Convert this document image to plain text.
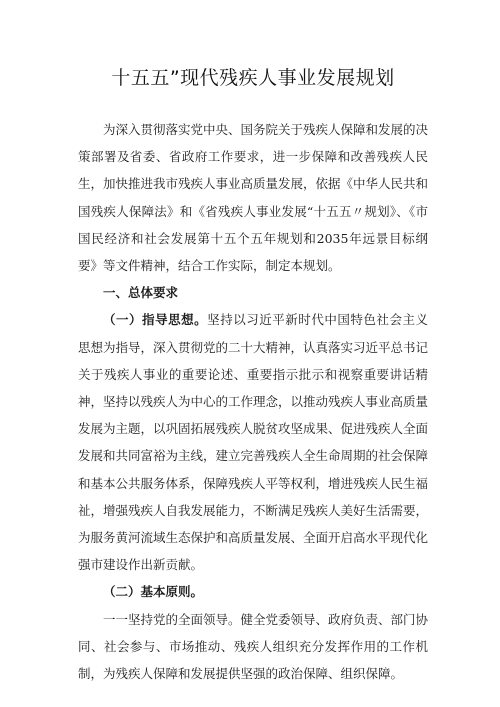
十五五”现代残疾人事业发展规划

为深入贯彻落实党中央、国务院关于残疾人保障和发展的决策部署及省委、省政府工作要求，进一步保障和改善残疾人民生，加快推进我市残疾人事业高质量发展，依据《中华人民共和国残疾人保障法》和《省残疾人事业发展“十五五〃规划》、《市国民经济和社会发展第十五个五年规划和2035年远景目标纲要》等文件精神，结合工作实际，制定本规划。

一、总体要求

（一）指导思想。坚持以习近平新时代中国特色社会主义思想为指导，深入贯彻党的二十大精神，认真落实习近平总书记关于残疾人事业的重要论述、重要指示批示和视察重要讲话精神，坚持以残疾人为中心的工作理念，以推动残疾人事业高质量发展为主题，以巩固拓展残疾人脱贫攻坚成果、促进残疾人全面发展和共同富裕为主线，建立完善残疾人全生命周期的社会保障和基本公共服务体系，保障残疾人平等权利，增进残疾人民生福祉，增强残疾人自我发展能力，不断满足残疾人美好生活需要，为服务黄河流域生态保护和高质量发展、全面开启高水平现代化强市建设作出新贡献。

（二）基本原则。

一一坚持党的全面领导。健全党委领导、政府负责、部门协同、社会参与、市场推动、残疾人组织充分发挥作用的工作机制，为残疾人保障和发展提供坚强的政治保障、组织保障。
